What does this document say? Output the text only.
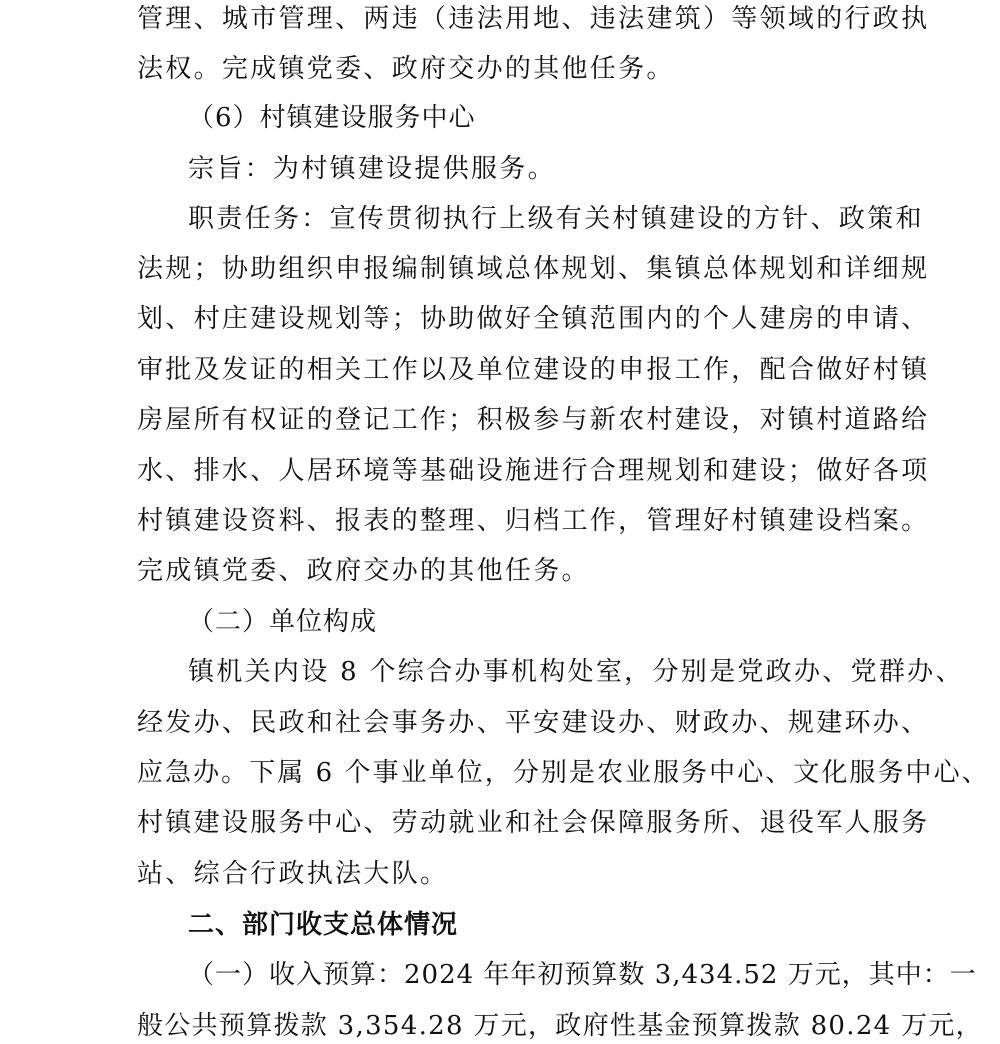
管理、城市管理、两违（违法用地、违法建筑）等领域的行政执
法权。完成镇党委、政府交办的其他任务。
（6）村镇建设服务中心
宗旨：为村镇建设提供服务。
职责任务：宣传贯彻执行上级有关村镇建设的方针、政策和
法规；协助组织申报编制镇域总体规划、集镇总体规划和详细规
划、村庄建设规划等；协助做好全镇范围内的个人建房的申请、
审批及发证的相关工作以及单位建设的申报工作，配合做好村镇
房屋所有权证的登记工作；积极参与新农村建设，对镇村道路给
水、排水、人居环境等基础设施进行合理规划和建设；做好各项
村镇建设资料、报表的整理、归档工作，管理好村镇建设档案。
完成镇党委、政府交办的其他任务。
（二）单位构成
镇机关内设 8 个综合办事机构处室，分别是党政办、党群办、
经发办、民政和社会事务办、平安建设办、财政办、规建环办、
应急办。下属 6 个事业单位，分别是农业服务中心、文化服务中心、
村镇建设服务中心、劳动就业和社会保障服务所、退役军人服务
站、综合行政执法大队。
二、部门收支总体情况
（一）收入预算：2024 年年初预算数 3,434.52 万元，其中：一
般公共预算拨款 3,354.28 万元，政府性基金预算拨款 80.24 万元，
